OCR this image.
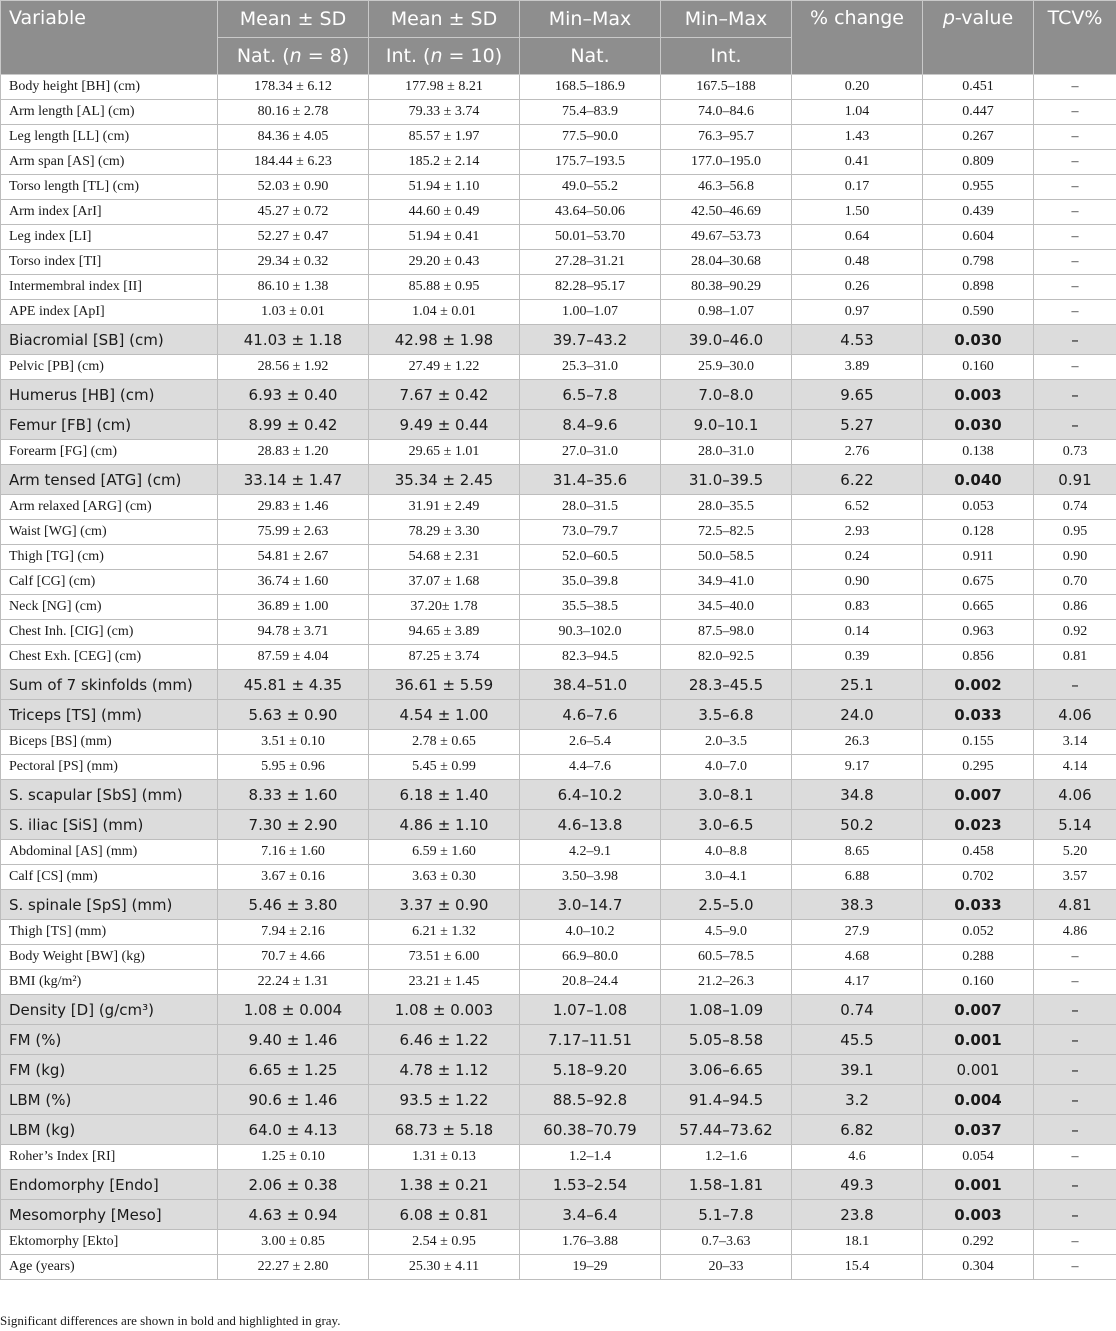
Variable	Mean ± SD	Mean ± SD	Min–Max	Min–Max	% change	p-value	TCV%
	Nat. (n = 8)	Int. (n = 10)	Nat.	Int.			
Body height [BH] (cm)	178.34 ± 6.12	177.98 ± 8.21	168.5–186.9	167.5–188	0.20	0.451	–
Arm length [AL] (cm)	80.16 ± 2.78	79.33 ± 3.74	75.4–83.9	74.0–84.6	1.04	0.447	–
Leg length [LL] (cm)	84.36 ± 4.05	85.57 ± 1.97	77.5–90.0	76.3–95.7	1.43	0.267	–
Arm span [AS] (cm)	184.44 ± 6.23	185.2 ± 2.14	175.7–193.5	177.0–195.0	0.41	0.809	–
Torso length [TL] (cm)	52.03 ± 0.90	51.94 ± 1.10	49.0–55.2	46.3–56.8	0.17	0.955	–
Arm index [ArI]	45.27 ± 0.72	44.60 ± 0.49	43.64–50.06	42.50–46.69	1.50	0.439	–
Leg index [LI]	52.27 ± 0.47	51.94 ± 0.41	50.01–53.70	49.67–53.73	0.64	0.604	–
Torso index [TI]	29.34 ± 0.32	29.20 ± 0.43	27.28–31.21	28.04–30.68	0.48	0.798	–
Intermembral index [II]	86.10 ± 1.38	85.88 ± 0.95	82.28–95.17	80.38–90.29	0.26	0.898	–
APE index [ApI]	1.03 ± 0.01	1.04 ± 0.01	1.00–1.07	0.98–1.07	0.97	0.590	–
Biacromial [SB] (cm)	41.03 ± 1.18	42.98 ± 1.98	39.7–43.2	39.0–46.0	4.53	0.030	–
Pelvic [PB] (cm)	28.56 ± 1.92	27.49 ± 1.22	25.3–31.0	25.9–30.0	3.89	0.160	–
Humerus [HB] (cm)	6.93 ± 0.40	7.67 ± 0.42	6.5–7.8	7.0–8.0	9.65	0.003	–
Femur [FB] (cm)	8.99 ± 0.42	9.49 ± 0.44	8.4–9.6	9.0–10.1	5.27	0.030	–
Forearm [FG] (cm)	28.83 ± 1.20	29.65 ± 1.01	27.0–31.0	28.0–31.0	2.76	0.138	0.73
Arm tensed [ATG] (cm)	33.14 ± 1.47	35.34 ± 2.45	31.4–35.6	31.0–39.5	6.22	0.040	0.91
Arm relaxed [ARG] (cm)	29.83 ± 1.46	31.91 ± 2.49	28.0–31.5	28.0–35.5	6.52	0.053	0.74
Waist [WG] (cm)	75.99 ± 2.63	78.29 ± 3.30	73.0–79.7	72.5–82.5	2.93	0.128	0.95
Thigh [TG] (cm)	54.81 ± 2.67	54.68 ± 2.31	52.0–60.5	50.0–58.5	0.24	0.911	0.90
Calf [CG] (cm)	36.74 ± 1.60	37.07 ± 1.68	35.0–39.8	34.9–41.0	0.90	0.675	0.70
Neck [NG] (cm)	36.89 ± 1.00	37.20± 1.78	35.5–38.5	34.5–40.0	0.83	0.665	0.86
Chest Inh. [CIG] (cm)	94.78 ± 3.71	94.65 ± 3.89	90.3–102.0	87.5–98.0	0.14	0.963	0.92
Chest Exh. [CEG] (cm)	87.59 ± 4.04	87.25 ± 3.74	82.3–94.5	82.0–92.5	0.39	0.856	0.81
Sum of 7 skinfolds (mm)	45.81 ± 4.35	36.61 ± 5.59	38.4–51.0	28.3–45.5	25.1	0.002	–
Triceps [TS] (mm)	5.63 ± 0.90	4.54 ± 1.00	4.6–7.6	3.5–6.8	24.0	0.033	4.06
Biceps [BS] (mm)	3.51 ± 0.10	2.78 ± 0.65	2.6–5.4	2.0–3.5	26.3	0.155	3.14
Pectoral [PS] (mm)	5.95 ± 0.96	5.45 ± 0.99	4.4–7.6	4.0–7.0	9.17	0.295	4.14
S. scapular [SbS] (mm)	8.33 ± 1.60	6.18 ± 1.40	6.4–10.2	3.0–8.1	34.8	0.007	4.06
S. iliac [SiS] (mm)	7.30 ± 2.90	4.86 ± 1.10	4.6–13.8	3.0–6.5	50.2	0.023	5.14
Abdominal [AS] (mm)	7.16 ± 1.60	6.59 ± 1.60	4.2–9.1	4.0–8.8	8.65	0.458	5.20
Calf [CS] (mm)	3.67 ± 0.16	3.63 ± 0.30	3.50–3.98	3.0–4.1	6.88	0.702	3.57
S. spinale [SpS] (mm)	5.46 ± 3.80	3.37 ± 0.90	3.0–14.7	2.5–5.0	38.3	0.033	4.81
Thigh [TS] (mm)	7.94 ± 2.16	6.21 ± 1.32	4.0–10.2	4.5–9.0	27.9	0.052	4.86
Body Weight [BW] (kg)	70.7 ± 4.66	73.51 ± 6.00	66.9–80.0	60.5–78.5	4.68	0.288	–
BMI (kg/m²)	22.24 ± 1.31	23.21 ± 1.45	20.8–24.4	21.2–26.3	4.17	0.160	–
Density [D] (g/cm³)	1.08 ± 0.004	1.08 ± 0.003	1.07–1.08	1.08–1.09	0.74	0.007	–
FM (%)	9.40 ± 1.46	6.46 ± 1.22	7.17–11.51	5.05–8.58	45.5	0.001	–
FM (kg)	6.65 ± 1.25	4.78 ± 1.12	5.18–9.20	3.06–6.65	39.1	0.001	–
LBM (%)	90.6 ± 1.46	93.5 ± 1.22	88.5–92.8	91.4–94.5	3.2	0.004	–
LBM (kg)	64.0 ± 4.13	68.73 ± 5.18	60.38–70.79	57.44–73.62	6.82	0.037	–
Roher’s Index [RI]	1.25 ± 0.10	1.31 ± 0.13	1.2–1.4	1.2–1.6	4.6	0.054	–
Endomorphy [Endo]	2.06 ± 0.38	1.38 ± 0.21	1.53–2.54	1.58–1.81	49.3	0.001	–
Mesomorphy [Meso]	4.63 ± 0.94	6.08 ± 0.81	3.4–6.4	5.1–7.8	23.8	0.003	–
Ektomorphy [Ekto]	3.00 ± 0.85	2.54 ± 0.95	1.76–3.88	0.7–3.63	18.1	0.292	–
Age (years)	22.27 ± 2.80	25.30 ± 4.11	19–29	20–33	15.4	0.304	–
Significant differences are shown in bold and highlighted in gray.
